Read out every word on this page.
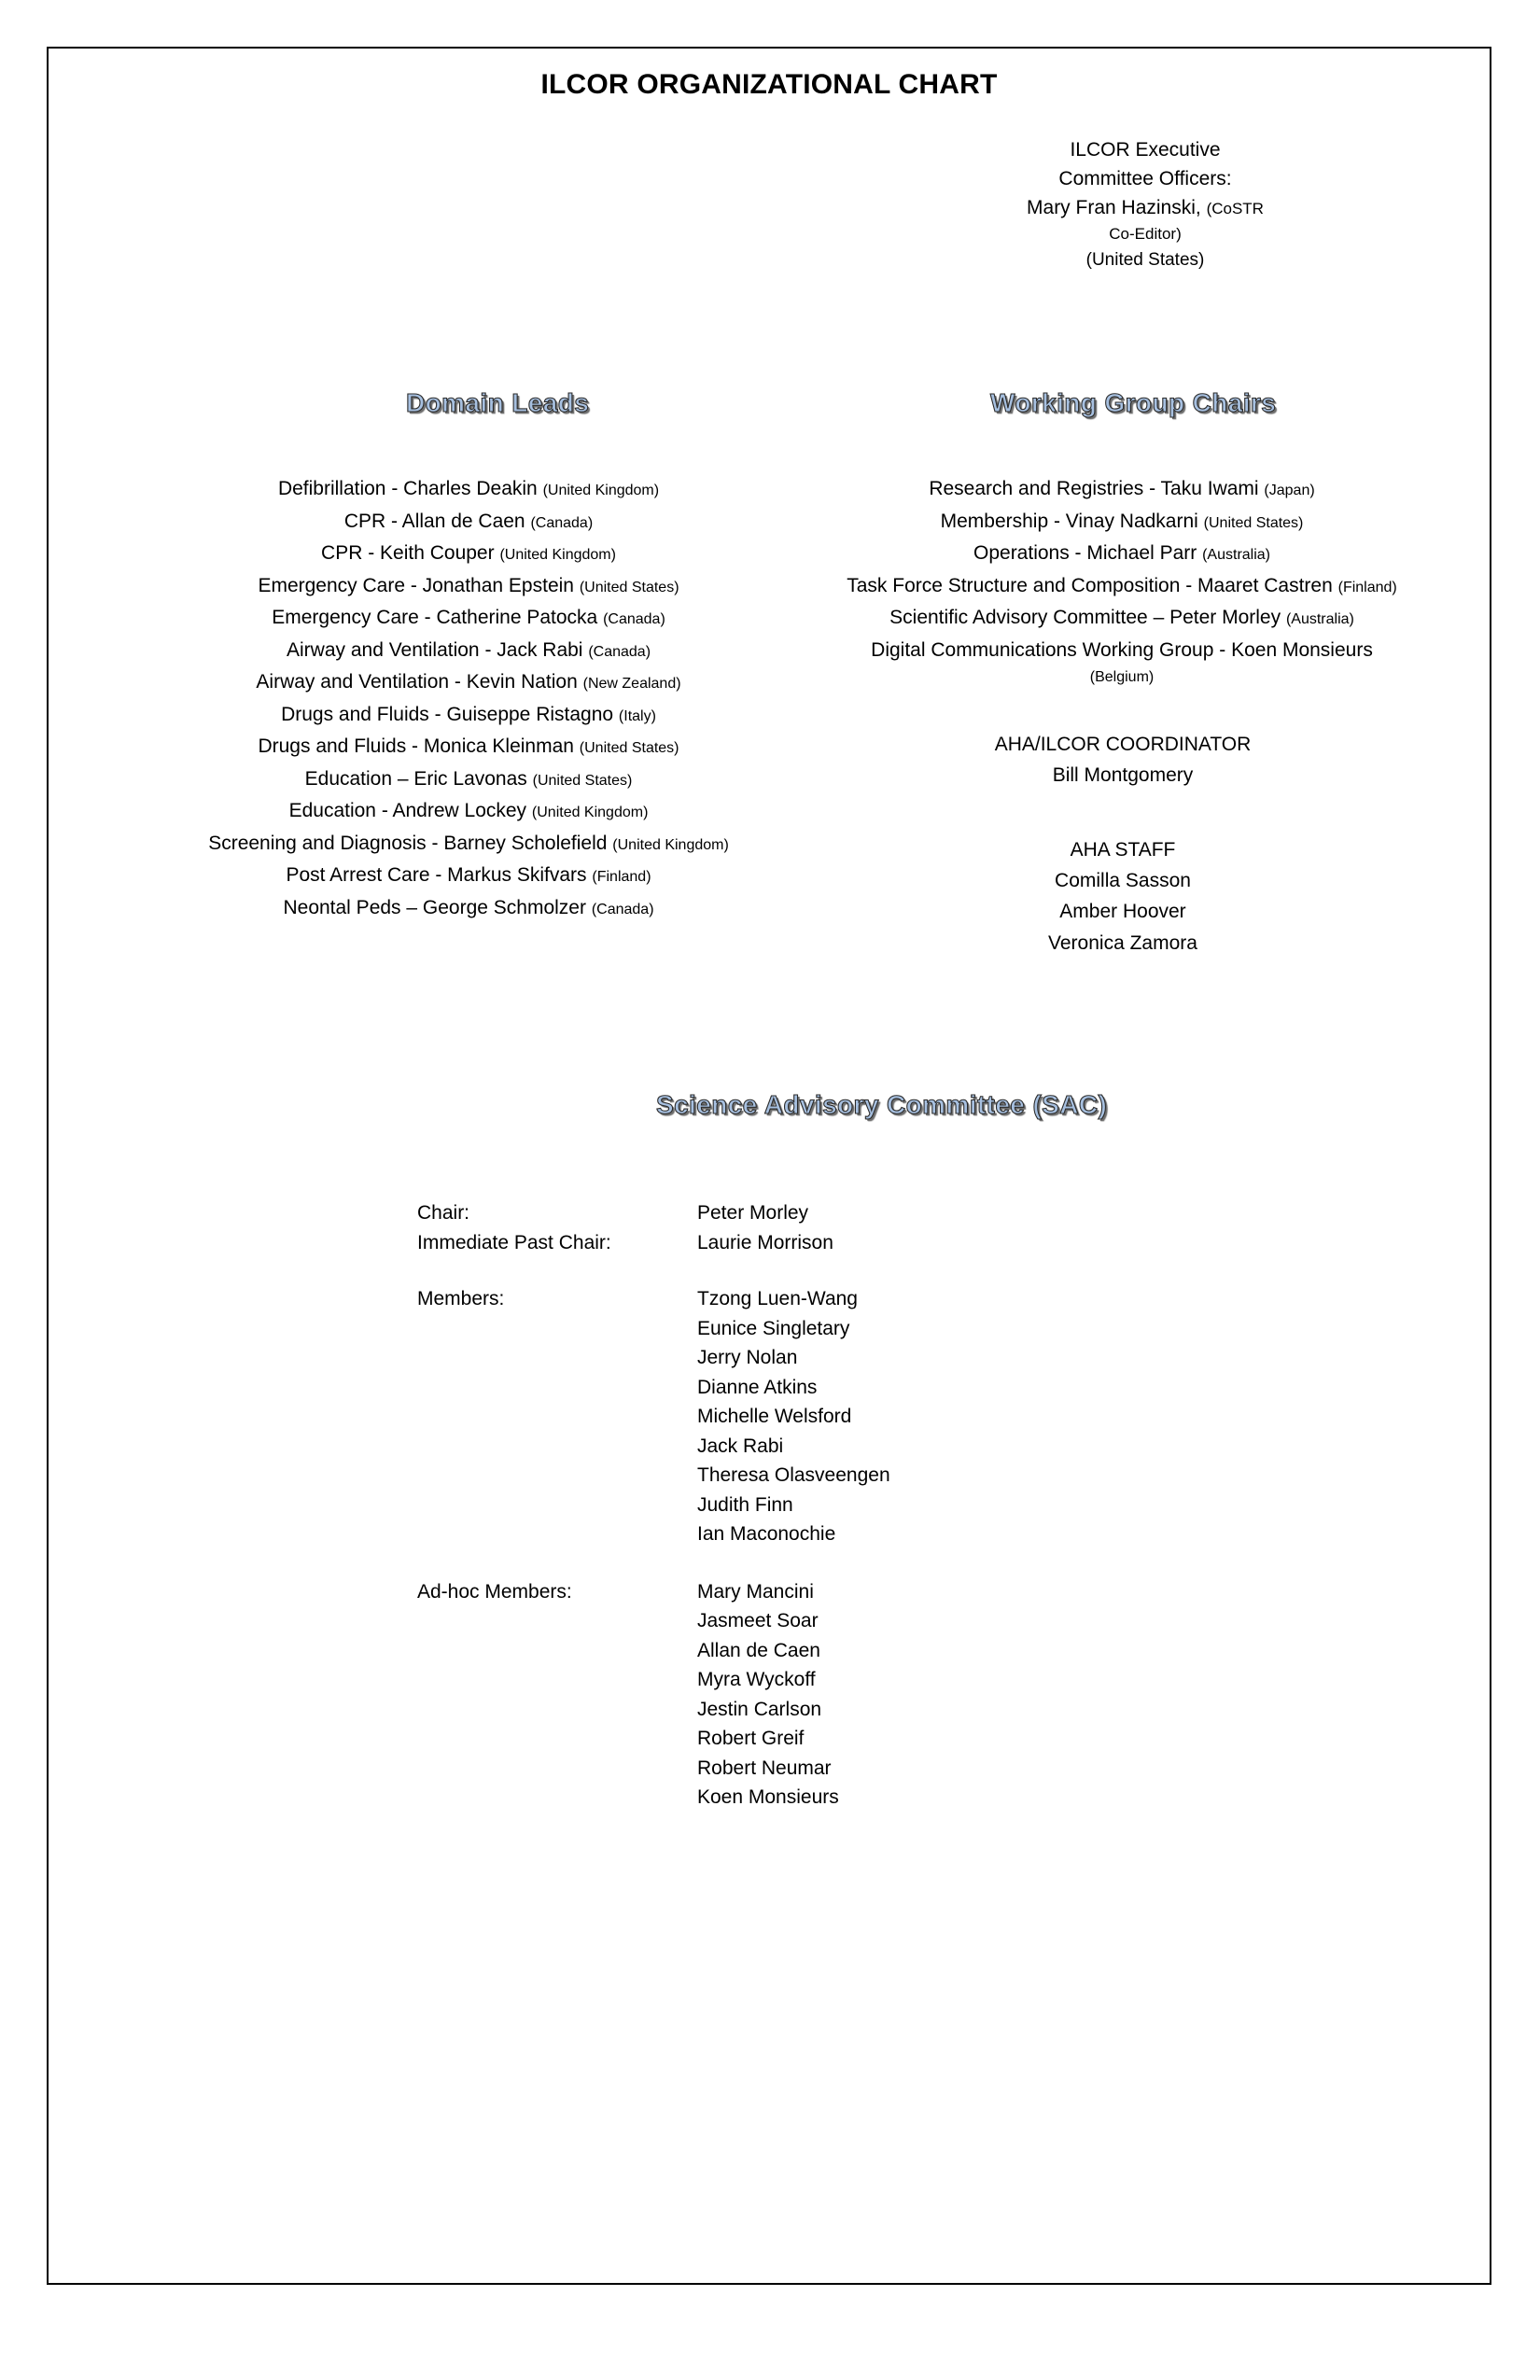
ILCOR ORGANIZATIONAL CHART
ILCOR Executive
Committee Officers:
Mary Fran Hazinski, (CoSTR
Co-Editor)
(United States)
Domain Leads
Defibrillation - Charles Deakin (United Kingdom)
CPR - Allan de Caen (Canada)
CPR - Keith Couper (United Kingdom)
Emergency Care - Jonathan Epstein (United States)
Emergency Care - Catherine Patocka (Canada)
Airway and Ventilation - Jack Rabi (Canada)
Airway and Ventilation - Kevin Nation (New Zealand)
Drugs and Fluids - Guiseppe Ristagno (Italy)
Drugs and Fluids - Monica Kleinman (United States)
Education – Eric Lavonas (United States)
Education - Andrew Lockey (United Kingdom)
Screening and Diagnosis - Barney Scholefield (United Kingdom)
Post Arrest Care - Markus Skifvars (Finland)
Neontal Peds – George Schmolzer (Canada)
Working Group Chairs
Research and Registries - Taku Iwami (Japan)
Membership - Vinay Nadkarni (United States)
Operations - Michael Parr (Australia)
Task Force Structure and Composition - Maaret Castren (Finland)
Scientific Advisory Committee – Peter Morley (Australia)
Digital Communications Working Group - Koen Monsieurs
(Belgium)
AHA/ILCOR COORDINATOR
Bill Montgomery
AHA STAFF
Comilla Sasson
Amber Hoover
Veronica Zamora
Science Advisory Committee (SAC)
Chair:	Peter Morley
Immediate Past Chair:	Laurie Morrison
Members:	Tzong Luen-Wang
Eunice Singletary
Jerry Nolan
Dianne Atkins
Michelle Welsford
Jack Rabi
Theresa Olasveengen
Judith Finn
Ian Maconochie
Ad-hoc Members:	Mary Mancini
Jasmeet Soar
Allan de Caen
Myra Wyckoff
Jestin Carlson
Robert Greif
Robert Neumar
Koen Monsieurs
